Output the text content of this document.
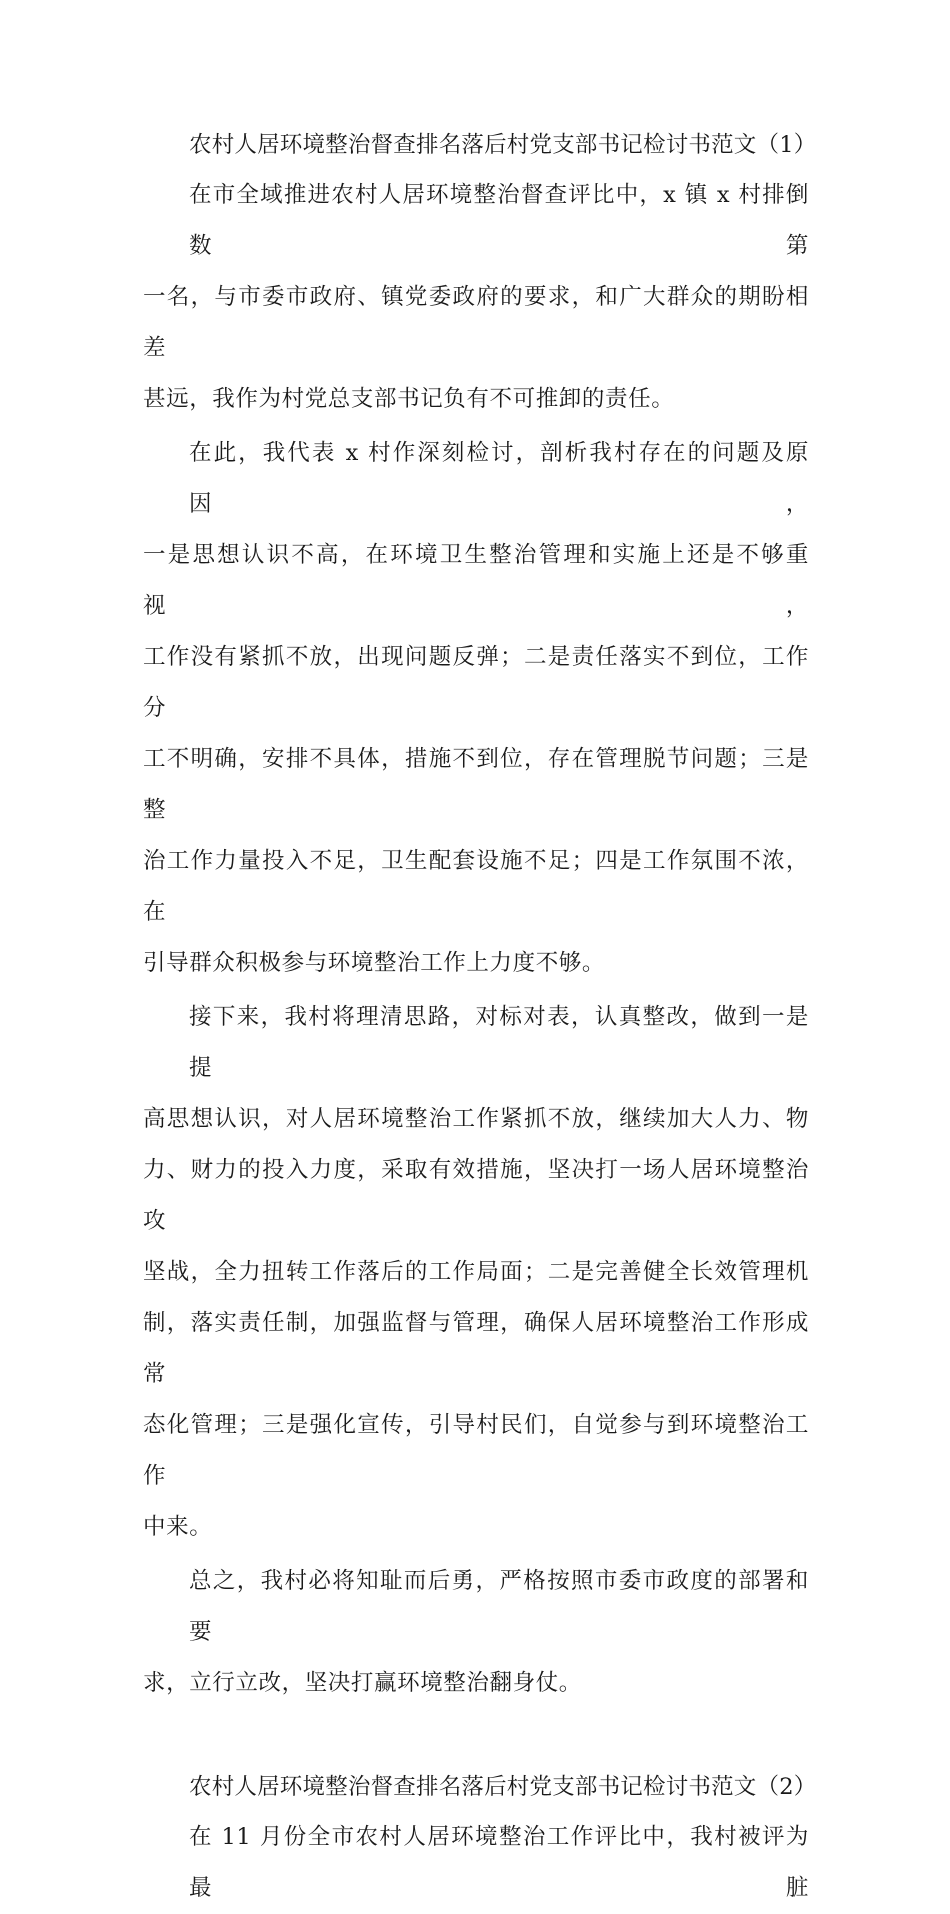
农村人居环境整治督查排名落后村党支部书记检讨书范文（1）
在市全域推进农村人居环境整治督查评比中，x 镇 x 村排倒数第
一名，与市委市政府、镇党委政府的要求，和广大群众的期盼相差
甚远，我作为村党总支部书记负有不可推卸的责任。
在此，我代表 x 村作深刻检讨，剖析我村存在的问题及原因，
一是思想认识不高，在环境卫生整治管理和实施上还是不够重视，
工作没有紧抓不放，出现问题反弹；二是责任落实不到位，工作分
工不明确，安排不具体，措施不到位，存在管理脱节问题；三是整
治工作力量投入不足，卫生配套设施不足；四是工作氛围不浓，在
引导群众积极参与环境整治工作上力度不够。
接下来，我村将理清思路，对标对表，认真整改，做到一是提
高思想认识，对人居环境整治工作紧抓不放，继续加大人力、物
力、财力的投入力度，采取有效措施，坚决打一场人居环境整治攻
坚战，全力扭转工作落后的工作局面；二是完善健全长效管理机
制，落实责任制，加强监督与管理，确保人居环境整治工作形成常
态化管理；三是强化宣传，引导村民们，自觉参与到环境整治工作
中来。
总之，我村必将知耻而后勇，严格按照市委市政度的部署和要
求，立行立改，坚决打赢环境整治翻身仗。
农村人居环境整治督查排名落后村党支部书记检讨书范文（2）
在 11 月份全市农村人居环境整治工作评比中，我村被评为最脏
